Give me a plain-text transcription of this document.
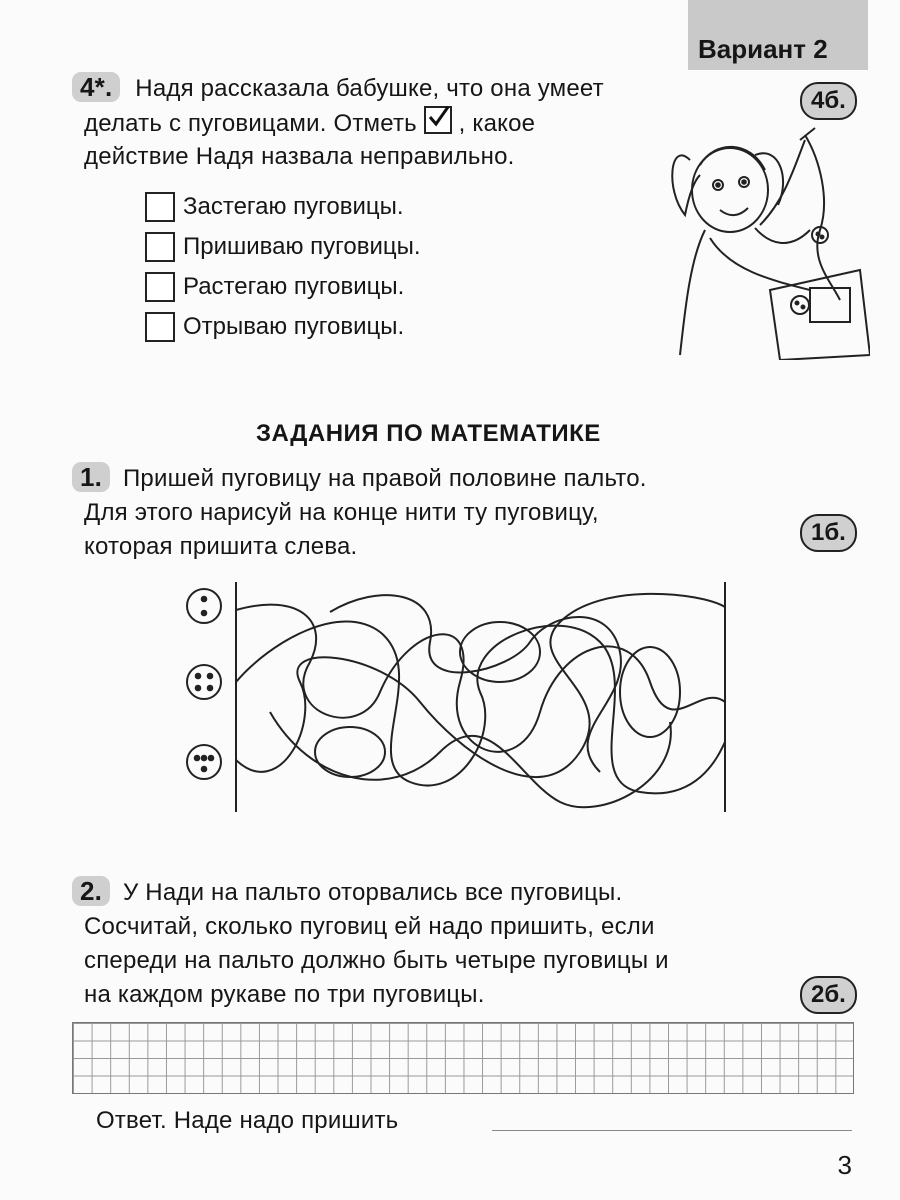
Вариант 2
4*. Надя рассказала бабушке, что она умеет	4б.
делать с пуговицами. Отметь , какое
действие Надя назвала неправильно.
Застегаю пуговицы.
Пришиваю пуговицы.
Растегаю пуговицы.
Отрываю пуговицы.
ЗАДАНИЯ ПО МАТЕМАТИКЕ
1. Пришей пуговицу на правой половине пальто.
Для этого нарисуй на конце нити ту пуговицу,
1б.
которая пришита слева.
2. У Нади на пальто оторвались все пуговицы.
Сосчитай, сколько пуговиц ей надо пришить, если
спереди на пальто должно быть четыре пуговицы и
на каждом рукаве по три пуговицы.	2б.
Ответ. Наде надо пришить
3
